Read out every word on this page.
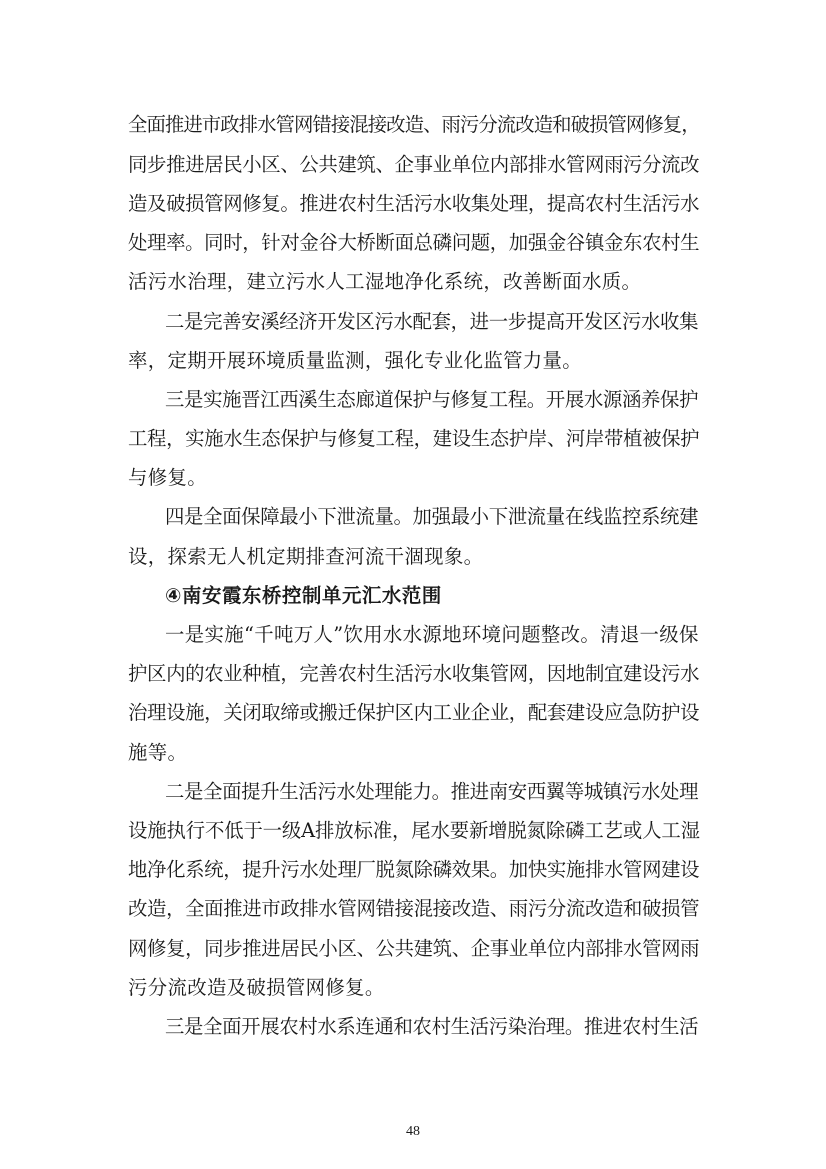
全面推进市政排水管网错接混接改造、雨污分流改造和破损管网修复，
同步推进居民小区、公共建筑、企事业单位内部排水管网雨污分流改
造及破损管网修复。推进农村生活污水收集处理，提高农村生活污水
处理率。同时，针对金谷大桥断面总磷问题，加强金谷镇金东农村生
活污水治理，建立污水人工湿地净化系统，改善断面水质。
二是完善安溪经济开发区污水配套，进一步提高开发区污水收集
率，定期开展环境质量监测，强化专业化监管力量。
三是实施晋江西溪生态廊道保护与修复工程。开展水源涵养保护
工程，实施水生态保护与修复工程，建设生态护岸、河岸带植被保护
与修复。
四是全面保障最小下泄流量。加强最小下泄流量在线监控系统建
设，探索无人机定期排查河流干涸现象。
④南安霞东桥控制单元汇水范围
一是实施“千吨万人”饮用水水源地环境问题整改。清退一级保
护区内的农业种植，完善农村生活污水收集管网，因地制宜建设污水
治理设施，关闭取缔或搬迁保护区内工业企业，配套建设应急防护设
施等。
二是全面提升生活污水处理能力。推进南安西翼等城镇污水处理
设施执行不低于一级A排放标准，尾水要新增脱氮除磷工艺或人工湿
地净化系统，提升污水处理厂脱氮除磷效果。加快实施排水管网建设
改造，全面推进市政排水管网错接混接改造、雨污分流改造和破损管
网修复，同步推进居民小区、公共建筑、企事业单位内部排水管网雨
污分流改造及破损管网修复。
三是全面开展农村水系连通和农村生活污染治理。推进农村生活
48
